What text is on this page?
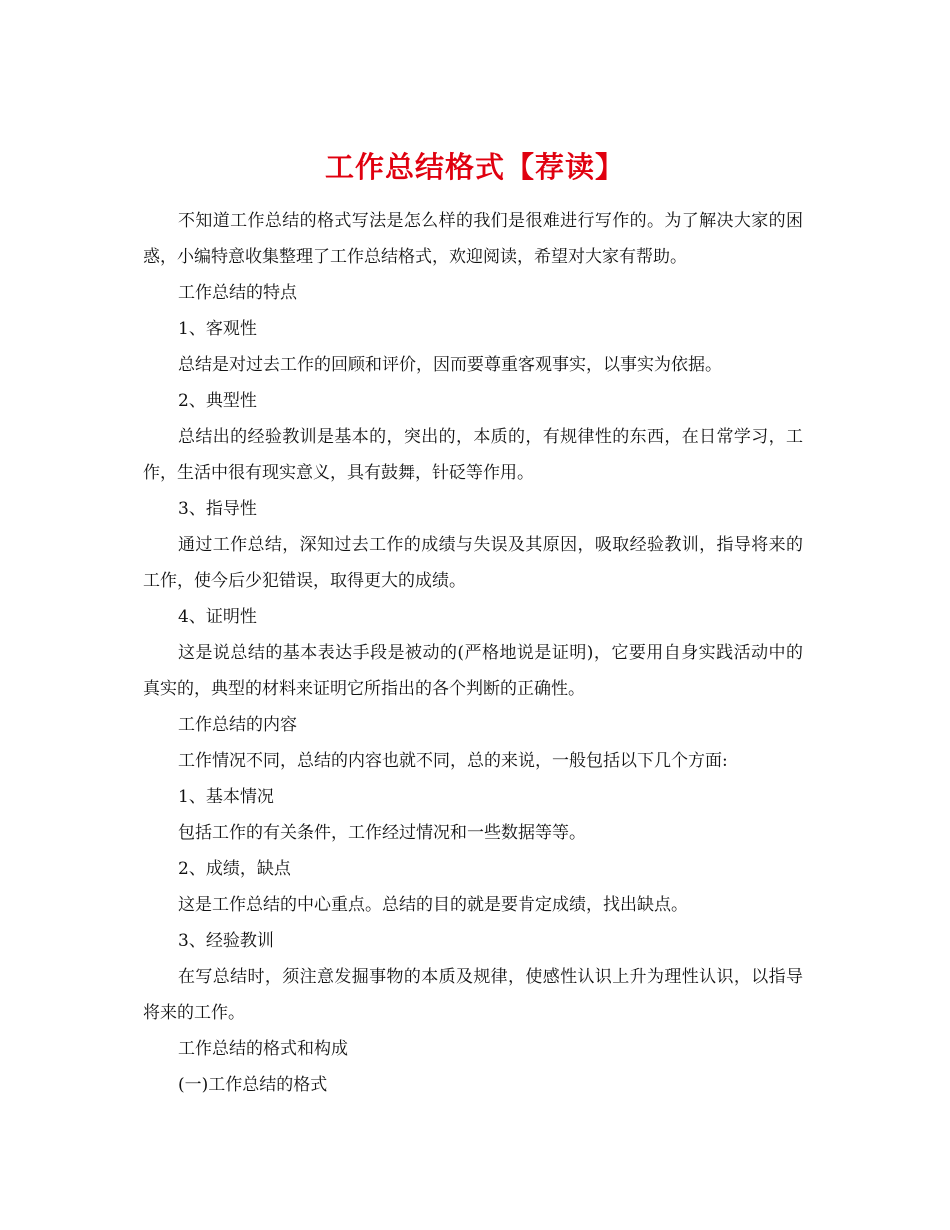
工作总结格式【荐读】

不知道工作总结的格式写法是怎么样的我们是很难进行写作的。为了解决大家的困惑，小编特意收集整理了工作总结格式，欢迎阅读，希望对大家有帮助。

工作总结的特点

1、客观性

总结是对过去工作的回顾和评价，因而要尊重客观事实，以事实为依据。

2、典型性

总结出的经验教训是基本的，突出的，本质的，有规律性的东西，在日常学习，工作，生活中很有现实意义，具有鼓舞，针砭等作用。

3、指导性

通过工作总结，深知过去工作的成绩与失误及其原因，吸取经验教训，指导将来的工作，使今后少犯错误，取得更大的成绩。

4、证明性

这是说总结的基本表达手段是被动的(严格地说是证明)，它要用自身实践活动中的真实的，典型的材料来证明它所指出的各个判断的正确性。

工作总结的内容

工作情况不同，总结的内容也就不同，总的来说，一般包括以下几个方面:

1、基本情况

包括工作的有关条件，工作经过情况和一些数据等等。

2、成绩，缺点

这是工作总结的中心重点。总结的目的就是要肯定成绩，找出缺点。

3、经验教训

在写总结时，须注意发掘事物的本质及规律，使感性认识上升为理性认识，以指导将来的工作。

工作总结的格式和构成

(一)工作总结的格式
